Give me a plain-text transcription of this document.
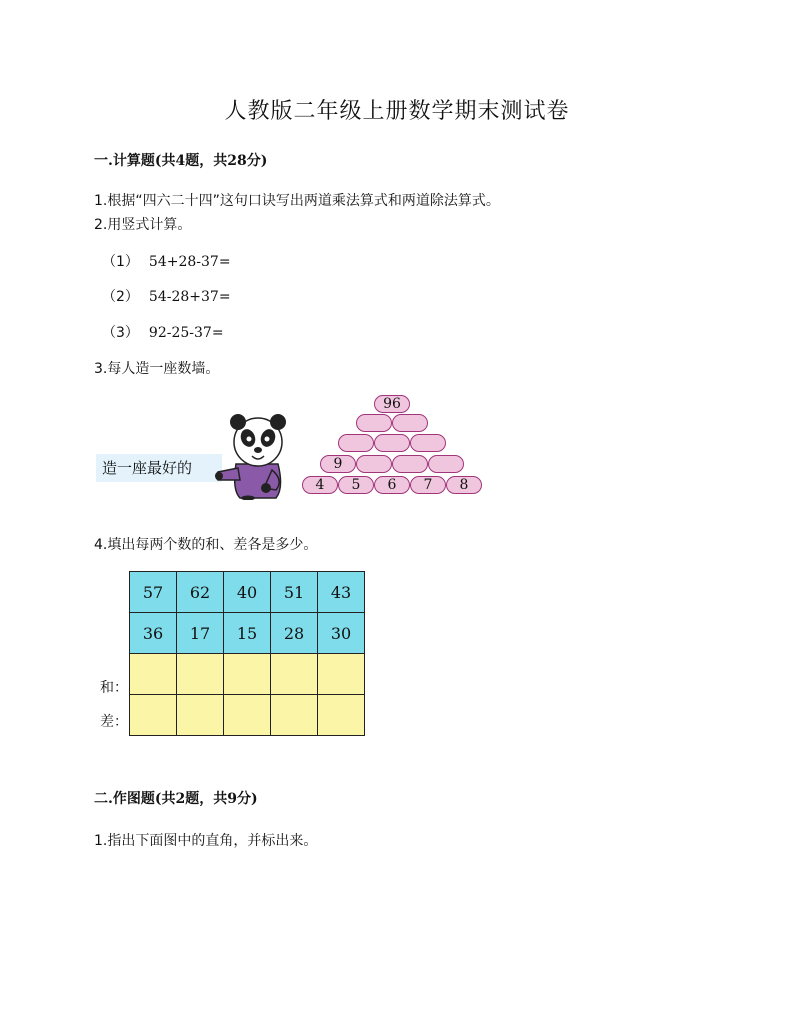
人教版二年级上册数学期末测试卷
一.计算题(共4题，共28分)
1.根据“四六二十四”这句口诀写出两道乘法算式和两道除法算式。
2.用竖式计算。
（1） 54+28-37=
（2） 54-28+37=
（3） 92-25-37=
3.每人造一座数墙。
造一座最好的
96
9
4	5	6	7	8
4.填出每两个数的和、差各是多少。
57	62	40	51	43
36	17	15	28	30

和：
差：
二.作图题(共2题，共9分)
1.指出下面图中的直角，并标出来。
